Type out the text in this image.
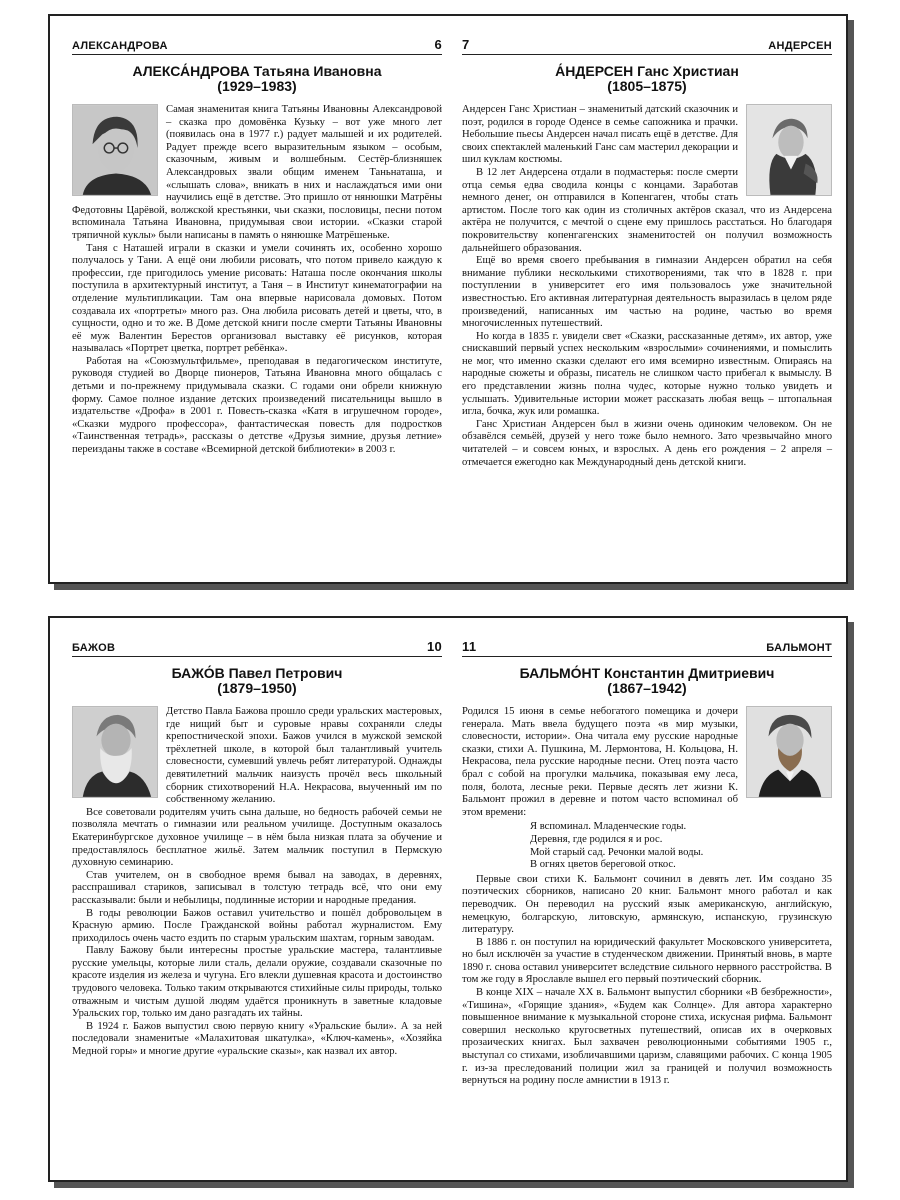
АЛЕКСАНДРОВА	6
АЛЕКСА́НДРОВА Татьяна Ивановна
(1929–1983)

Самая знаменитая книга Татьяны Ивановны Александровой – сказка про домовёнка Кузьку – вот уже много лет (появилась она в 1977 г.) радует малышей и их родителей. Радует прежде всего выразительным языком – особым, сказочным, живым и волшебным. Сестёр-близняшек Александровых звали общим именем Таньнаташа, и «слышать слова», вникать в них и наслаждаться ими они научились ещё в детстве. Это пришло от нянюшки Матрёны Федотовны Царёвой, волжской крестьянки, чьи сказки, пословицы, песни потом вспоминала Татьяна Ивановна, придумывая свои истории. «Сказки старой тряпичной куклы» были написаны в память о нянюшке Матрёшеньке.

Таня с Наташей играли в сказки и умели сочинять их, особенно хорошо получалось у Тани. А ещё они любили рисовать, что потом привело каждую к профессии, где пригодилось умение рисовать: Наташа после окончания школы поступила в архитектурный институт, а Таня – в Институт кинематографии на отделение мультипликации. Там она впервые нарисовала домовых. Потом создавала их «портреты» много раз. Она любила рисовать детей и цветы, что, в сущности, одно и то же. В Доме детской книги после смерти Татьяны Ивановны её муж Валентин Берестов организовал выставку её рисунков, которая называлась «Портрет цветка, портрет ребёнка».

Работая на «Союзмультфильме», преподавая в педагогическом институте, руководя студией во Дворце пионеров, Татьяна Ивановна много общалась с детьми и по-прежнему придумывала сказки. С годами они обрели книжную форму. Самое полное издание детских произведений писательницы вышло в издательстве «Дрофа» в 2001 г. Повесть-сказка «Катя в игрушечном городе», «Сказки мудрого профессора», фантастическая повесть для подростков «Таинственная тетрадь», рассказы о детстве «Друзья зимние, друзья летние» переизданы также в составе «Всемирной детской библиотеки» в 2003 г.

7	АНДЕРСЕН
А́НДЕРСЕН Ганс Христиан
(1805–1875)

Андерсен Ганс Христиан – знаменитый датский сказочник и поэт, родился в городе Оденсе в семье сапожника и прачки. Небольшие пьесы Андерсен начал писать ещё в детстве. Для своих спектаклей маленький Ганс сам мастерил декорации и шил куклам костюмы.

В 12 лет Андерсена отдали в подмастерья: после смерти отца семья едва сводила концы с концами. Заработав немного денег, он отправился в Копенгаген, чтобы стать артистом. После того как один из столичных актёров сказал, что из Андерсена актёра не получится, с мечтой о сцене ему пришлось расстаться. Но благодаря покровительству копенгагенских знаменитостей он получил возможность дальнейшего образования.

Ещё во время своего пребывания в гимназии Андерсен обратил на себя внимание публики несколькими стихотворениями, так что в 1828 г. при поступлении в университет его имя пользовалось уже значительной известностью. Его активная литературная деятельность выразилась в целом ряде произведений, написанных им частью на родине, частью во время многочисленных путешествий.

Но когда в 1835 г. увидели свет «Сказки, рассказанные детям», их автор, уже снискавший первый успех нескольким «взрослыми» сочинениями, и помыслить не мог, что именно сказки сделают его имя всемирно известным. Опираясь на народные сюжеты и образы, писатель не слишком часто прибегал к вымыслу. В его представлении жизнь полна чудес, которые нужно только увидеть и услышать. Удивительные истории может рассказать любая вещь – штопальная игла, бочка, жук или ромашка.

Ганс Христиан Андерсен был в жизни очень одиноким человеком. Он не обзавёлся семьёй, друзей у него тоже было немного. Зато чрезвычайно много читателей – и совсем юных, и взрослых. А день его рождения – 2 апреля – отмечается ежегодно как Международный день детской книги.

БАЖОВ	10
БАЖО́В Павел Петрович
(1879–1950)

Детство Павла Бажова прошло среди уральских мастеровых, где нищий быт и суровые нравы сохраняли следы крепостнической эпохи. Бажов учился в мужской земской трёхлетней школе, в которой был талантливый учитель словесности, сумевший увлечь ребят литературой. Однажды девятилетний мальчик наизусть прочёл весь школьный сборник стихотворений Н.А. Некрасова, выученный им по собственному желанию.

Все советовали родителям учить сына дальше, но бедность рабочей семьи не позволяла мечтать о гимназии или реальном училище. Доступным оказалось Екатеринбургское духовное училище – в нём была низкая плата за обучение и предоставлялось бесплатное жильё. Затем мальчик поступил в Пермскую духовную семинарию.

Став учителем, он в свободное время бывал на заводах, в деревнях, расспрашивал стариков, записывал в толстую тетрадь всё, что они ему рассказывали: были и небылицы, подлинные истории и народные предания.

В годы революции Бажов оставил учительство и пошёл добровольцем в Красную армию. После Гражданской войны работал журналистом. Ему приходилось очень часто ездить по старым уральским шахтам, горным заводам.

Павлу Бажову были интересны простые уральские мастера, талантливые русские умельцы, которые лили сталь, делали оружие, создавали сказочные по красоте изделия из железа и чугуна. Его влекли душевная красота и достоинство трудового человека. Только таким открываются стихийные силы природы, только отважным и чистым душой людям удаётся проникнуть в заветные кладовые Уральских гор, только им дано разгадать их тайны.

В 1924 г. Бажов выпустил свою первую книгу «Уральские были». А за ней последовали знаменитые «Малахитовая шкатулка», «Ключ-камень», «Хозяйка Медной горы» и многие другие «уральские сказы», как назвал их автор.

11	БАЛЬМОНТ
БАЛЬМО́НТ Константин Дмитриевич
(1867–1942)

Родился 15 июня в семье небогатого помещика и дочери генерала. Мать ввела будущего поэта «в мир музыки, словесности, истории». Она читала ему русские народные сказки, стихи А. Пушкина, М. Лермонтова, Н. Кольцова, Н. Некрасова, пела русские народные песни. Отец поэта часто брал с собой на прогулки мальчика, показывая ему леса, поля, болота, лесные реки. Первые десять лет жизни К. Бальмонт прожил в деревне и потом часто вспоминал об этом времени:

Я вспоминал. Младенческие годы.
Деревня, где родился я и рос.
Мой старый сад. Речонки малой воды.
В огнях цветов береговой откос.

Первые свои стихи К. Бальмонт сочинил в девять лет. Им создано 35 поэтических сборников, написано 20 книг. Бальмонт много работал и как переводчик. Он переводил на русский язык американскую, английскую, немецкую, болгарскую, литовскую, армянскую, испанскую, грузинскую литературу.

В 1886 г. он поступил на юридический факультет Московского университета, но был исключён за участие в студенческом движении. Принятый вновь, в марте 1890 г. снова оставил университет вследствие сильного нервного расстройства. В том же году в Ярославле вышел его первый поэтический сборник.

В конце XIX – начале XX в. Бальмонт выпустил сборники «В безбрежности», «Тишина», «Горящие здания», «Будем как Солнце». Для автора характерно повышенное внимание к музыкальной стороне стиха, искусная рифма. Бальмонт совершил несколько кругосветных путешествий, описав их в очерковых прозаических книгах. Был захвачен революционными событиями 1905 г., выступал со стихами, изобличавшими царизм, славящими рабочих. С конца 1905 г. из-за преследований полиции жил за границей и получил возможность вернуться на родину после амнистии в 1913 г.
